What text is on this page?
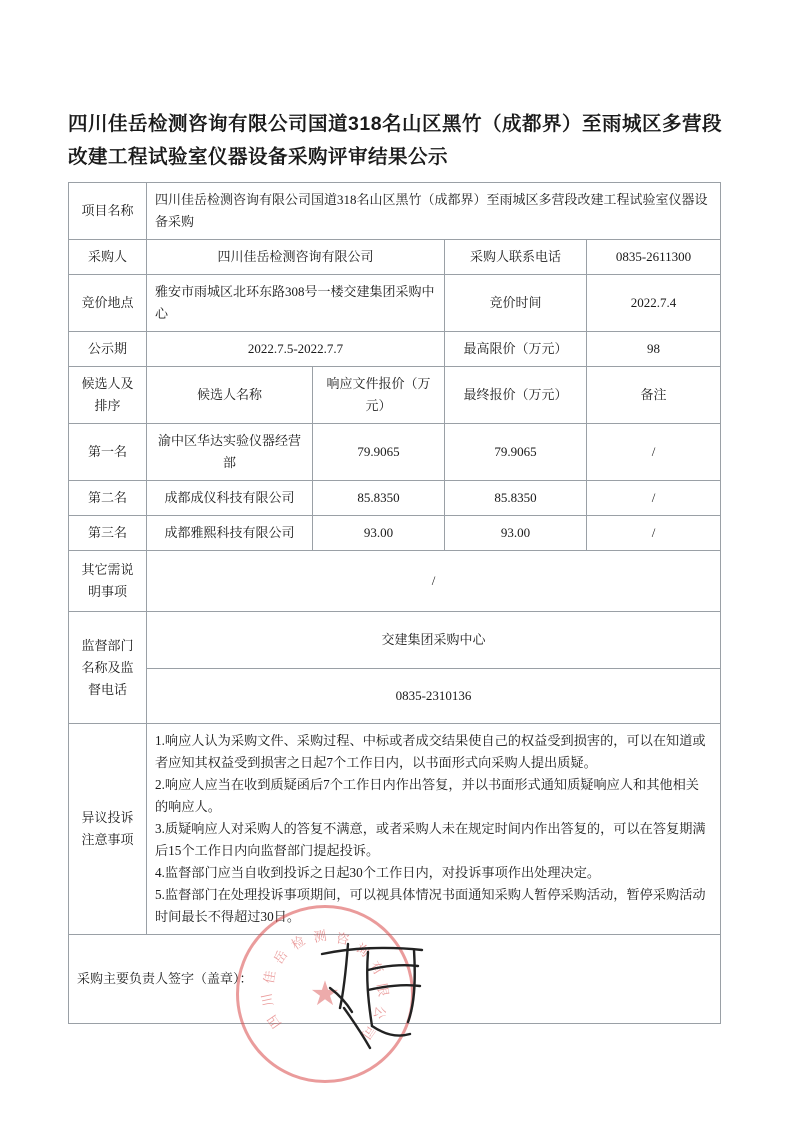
四川佳岳检测咨询有限公司国道318名山区黑竹（成都界）至雨城区多营段改建工程试验室仪器设备采购评审结果公示
项目名称	四川佳岳检测咨询有限公司国道318名山区黑竹（成都界）至雨城区多营段改建工程试验室仪器设备采购			
采购人	四川佳岳检测咨询有限公司		采购人联系电话	0835-2611300
竞价地点	雅安市雨城区北环东路308号一楼交建集团采购中心		竞价时间	2022.7.4
公示期	2022.7.5-2022.7.7		最高限价（万元）	98
候选人及排序	候选人名称	响应文件报价（万元）	最终报价（万元）	备注
第一名	渝中区华达实验仪器经营部	79.9065	79.9065	/
第二名	成都成仪科技有限公司	85.8350	85.8350	/
第三名	成都雅熙科技有限公司	93.00	93.00	/
其它需说明事项	/			
监督部门名称及监督电话	交建集团采购中心			
	0835-2310136			
异议投诉注意事项	1.响应人认为采购文件、采购过程、中标或者成交结果使自己的权益受到损害的，可以在知道或者应知其权益受到损害之日起7个工作日内，以书面形式向采购人提出质疑。

2.响应人应当在收到质疑函后7个工作日内作出答复，并以书面形式通知质疑响应人和其他相关的响应人。

3.质疑响应人对采购人的答复不满意，或者采购人未在规定时间内作出答复的，可以在答复期满后15个工作日内向监督部门提起投诉。

4.监督部门应当自收到投诉之日起30个工作日内，对投诉事项作出处理决定。

5.监督部门在处理投诉事项期间，可以视具体情况书面通知采购人暂停采购活动，暂停采购活动时间最长不得超过30日。			

采购主要负责人签字（盖章）：				★
四
川
佳
岳
检 测 咨
询
有
限
公
司
